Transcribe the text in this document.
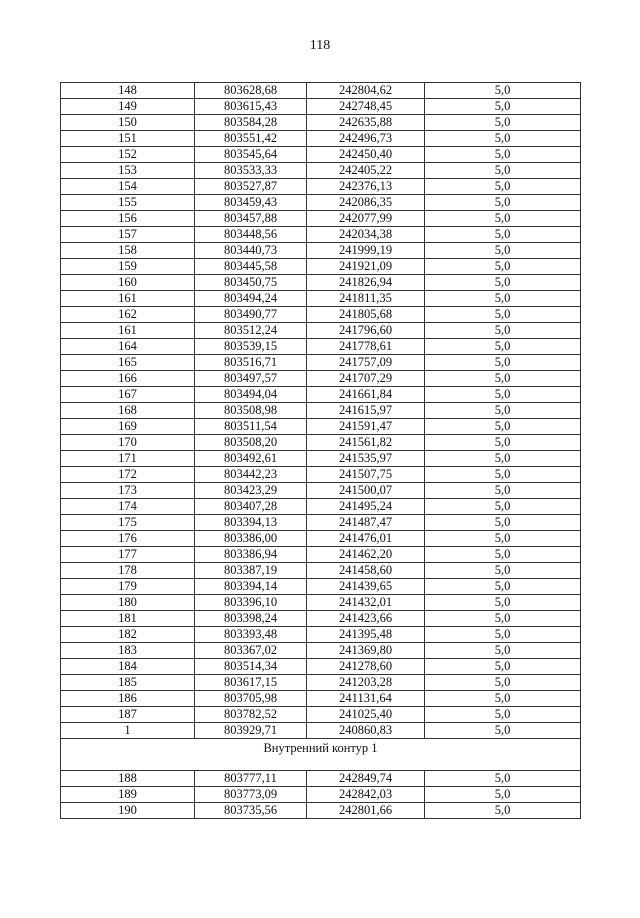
118
148	803628,68	242804,62	5,0
149	803615,43	242748,45	5,0
150	803584,28	242635,88	5,0
151	803551,42	242496,73	5,0
152	803545,64	242450,40	5,0
153	803533,33	242405,22	5,0
154	803527,87	242376,13	5,0
155	803459,43	242086,35	5,0
156	803457,88	242077,99	5,0
157	803448,56	242034,38	5,0
158	803440,73	241999,19	5,0
159	803445,58	241921,09	5,0
160	803450,75	241826,94	5,0
161	803494,24	241811,35	5,0
162	803490,77	241805,68	5,0
161	803512,24	241796,60	5,0
164	803539,15	241778,61	5,0
165	803516,71	241757,09	5,0
166	803497,57	241707,29	5,0
167	803494,04	241661,84	5,0
168	803508,98	241615,97	5,0
169	803511,54	241591,47	5,0
170	803508,20	241561,82	5,0
171	803492,61	241535,97	5,0
172	803442,23	241507,75	5,0
173	803423,29	241500,07	5,0
174	803407,28	241495,24	5,0
175	803394,13	241487,47	5,0
176	803386,00	241476,01	5,0
177	803386,94	241462,20	5,0
178	803387,19	241458,60	5,0
179	803394,14	241439,65	5,0
180	803396,10	241432,01	5,0
181	803398,24	241423,66	5,0
182	803393,48	241395,48	5,0
183	803367,02	241369,80	5,0
184	803514,34	241278,60	5,0
185	803617,15	241203,28	5,0
186	803705,98	241131,64	5,0
187	803782,52	241025,40	5,0
1	803929,71	240860,83	5,0

Внутренний контур 1			

188	803777,11	242849,74	5,0
189	803773,09	242842,03	5,0
190	803735,56	242801,66	5,0
